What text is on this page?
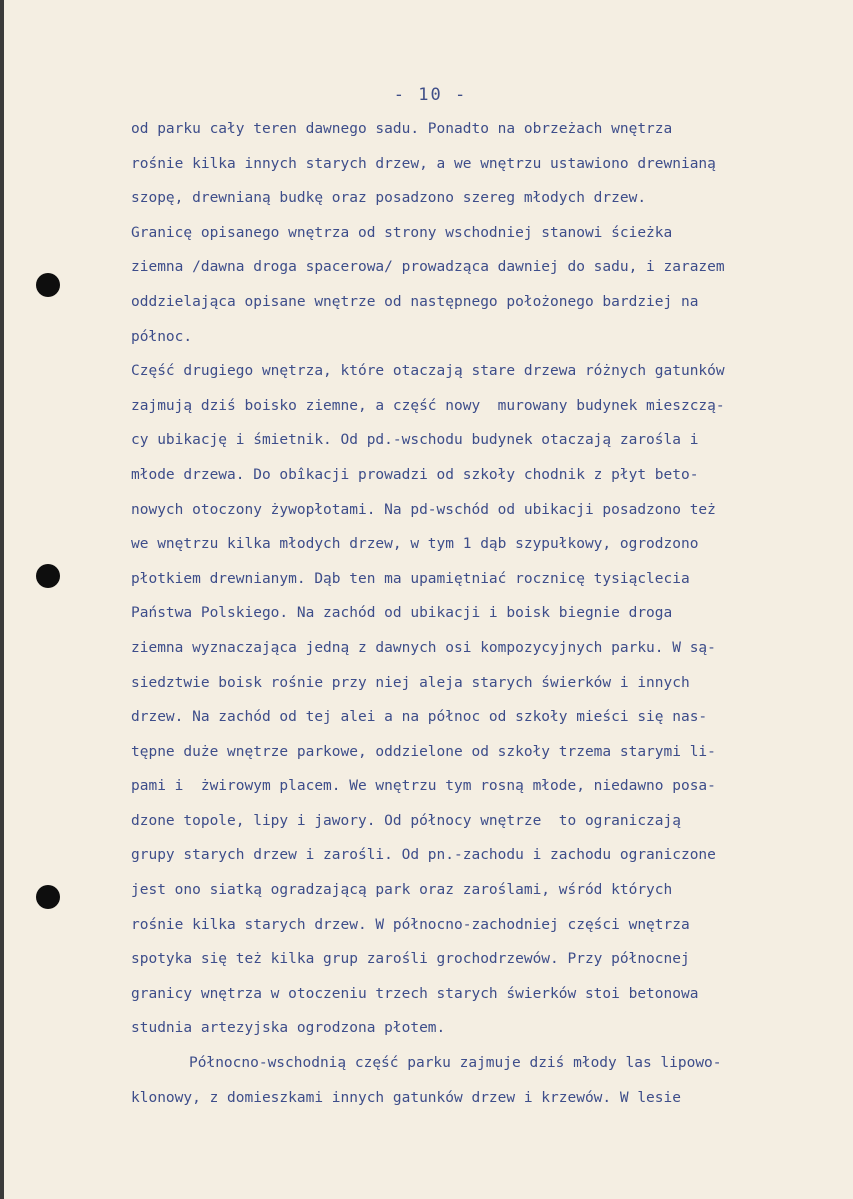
- 10 -
od parku cały teren dawnego sadu. Ponadto na obrzeżach wnętrza
rośnie kilka innych starych drzew, a we wnętrzu ustawiono drewnianą
szopę, drewnianą budkę oraz posadzono szereg młodych drzew.
Granicę opisanego wnętrza od strony wschodniej stanowi ścieżka
ziemna /dawna droga spacerowa/ prowadząca dawniej do sadu, i zarazem
oddzielająca opisane wnętrze od następnego położonego bardziej na
północ.
Część drugiego wnętrza, które otaczają stare drzewa różnych gatunków
zajmują dziś boisko ziemne, a część nowy  murowany budynek mieszczą-
cy ubikację i śmietnik. Od pd.-wschodu budynek otaczają zarośla i
młode drzewa. Do obîkacji prowadzi od szkoły chodnik z płyt beto-
nowych otoczony żywopłotami. Na pd-wschód od ubikacji posadzono też
we wnętrzu kilka młodych drzew, w tym 1 dąb szypułkowy, ogrodzono
płotkiem drewnianym. Dąb ten ma upamiętniać rocznicę tysiąclecia
Państwa Polskiego. Na zachód od ubikacji i boisk biegnie droga
ziemna wyznaczająca jedną z dawnych osi kompozycyjnych parku. W są-
siedztwie boisk rośnie przy niej aleja starych świerków i innych
drzew. Na zachód od tej alei a na północ od szkoły mieści się nas-
tępne duże wnętrze parkowe, oddzielone od szkoły trzema starymi li-
pami i  żwirowym placem. We wnętrzu tym rosną młode, niedawno posa-
dzone topole, lipy i jawory. Od północy wnętrze  to ograniczają
grupy starych drzew i zarośli. Od pn.-zachodu i zachodu ograniczone
jest ono siatką ogradzającą park oraz zaroślami, wśród których
rośnie kilka starych drzew. W północno-zachodniej części wnętrza
spotyka się też kilka grup zarośli grochodrzewów. Przy północnej
granicy wnętrza w otoczeniu trzech starych świerków stoi betonowa
studnia artezyjska ogrodzona płotem.
Północno-wschodnią część parku zajmuje dziś młody las lipowo-
klonowy, z domieszkami innych gatunków drzew i krzewów. W lesie
